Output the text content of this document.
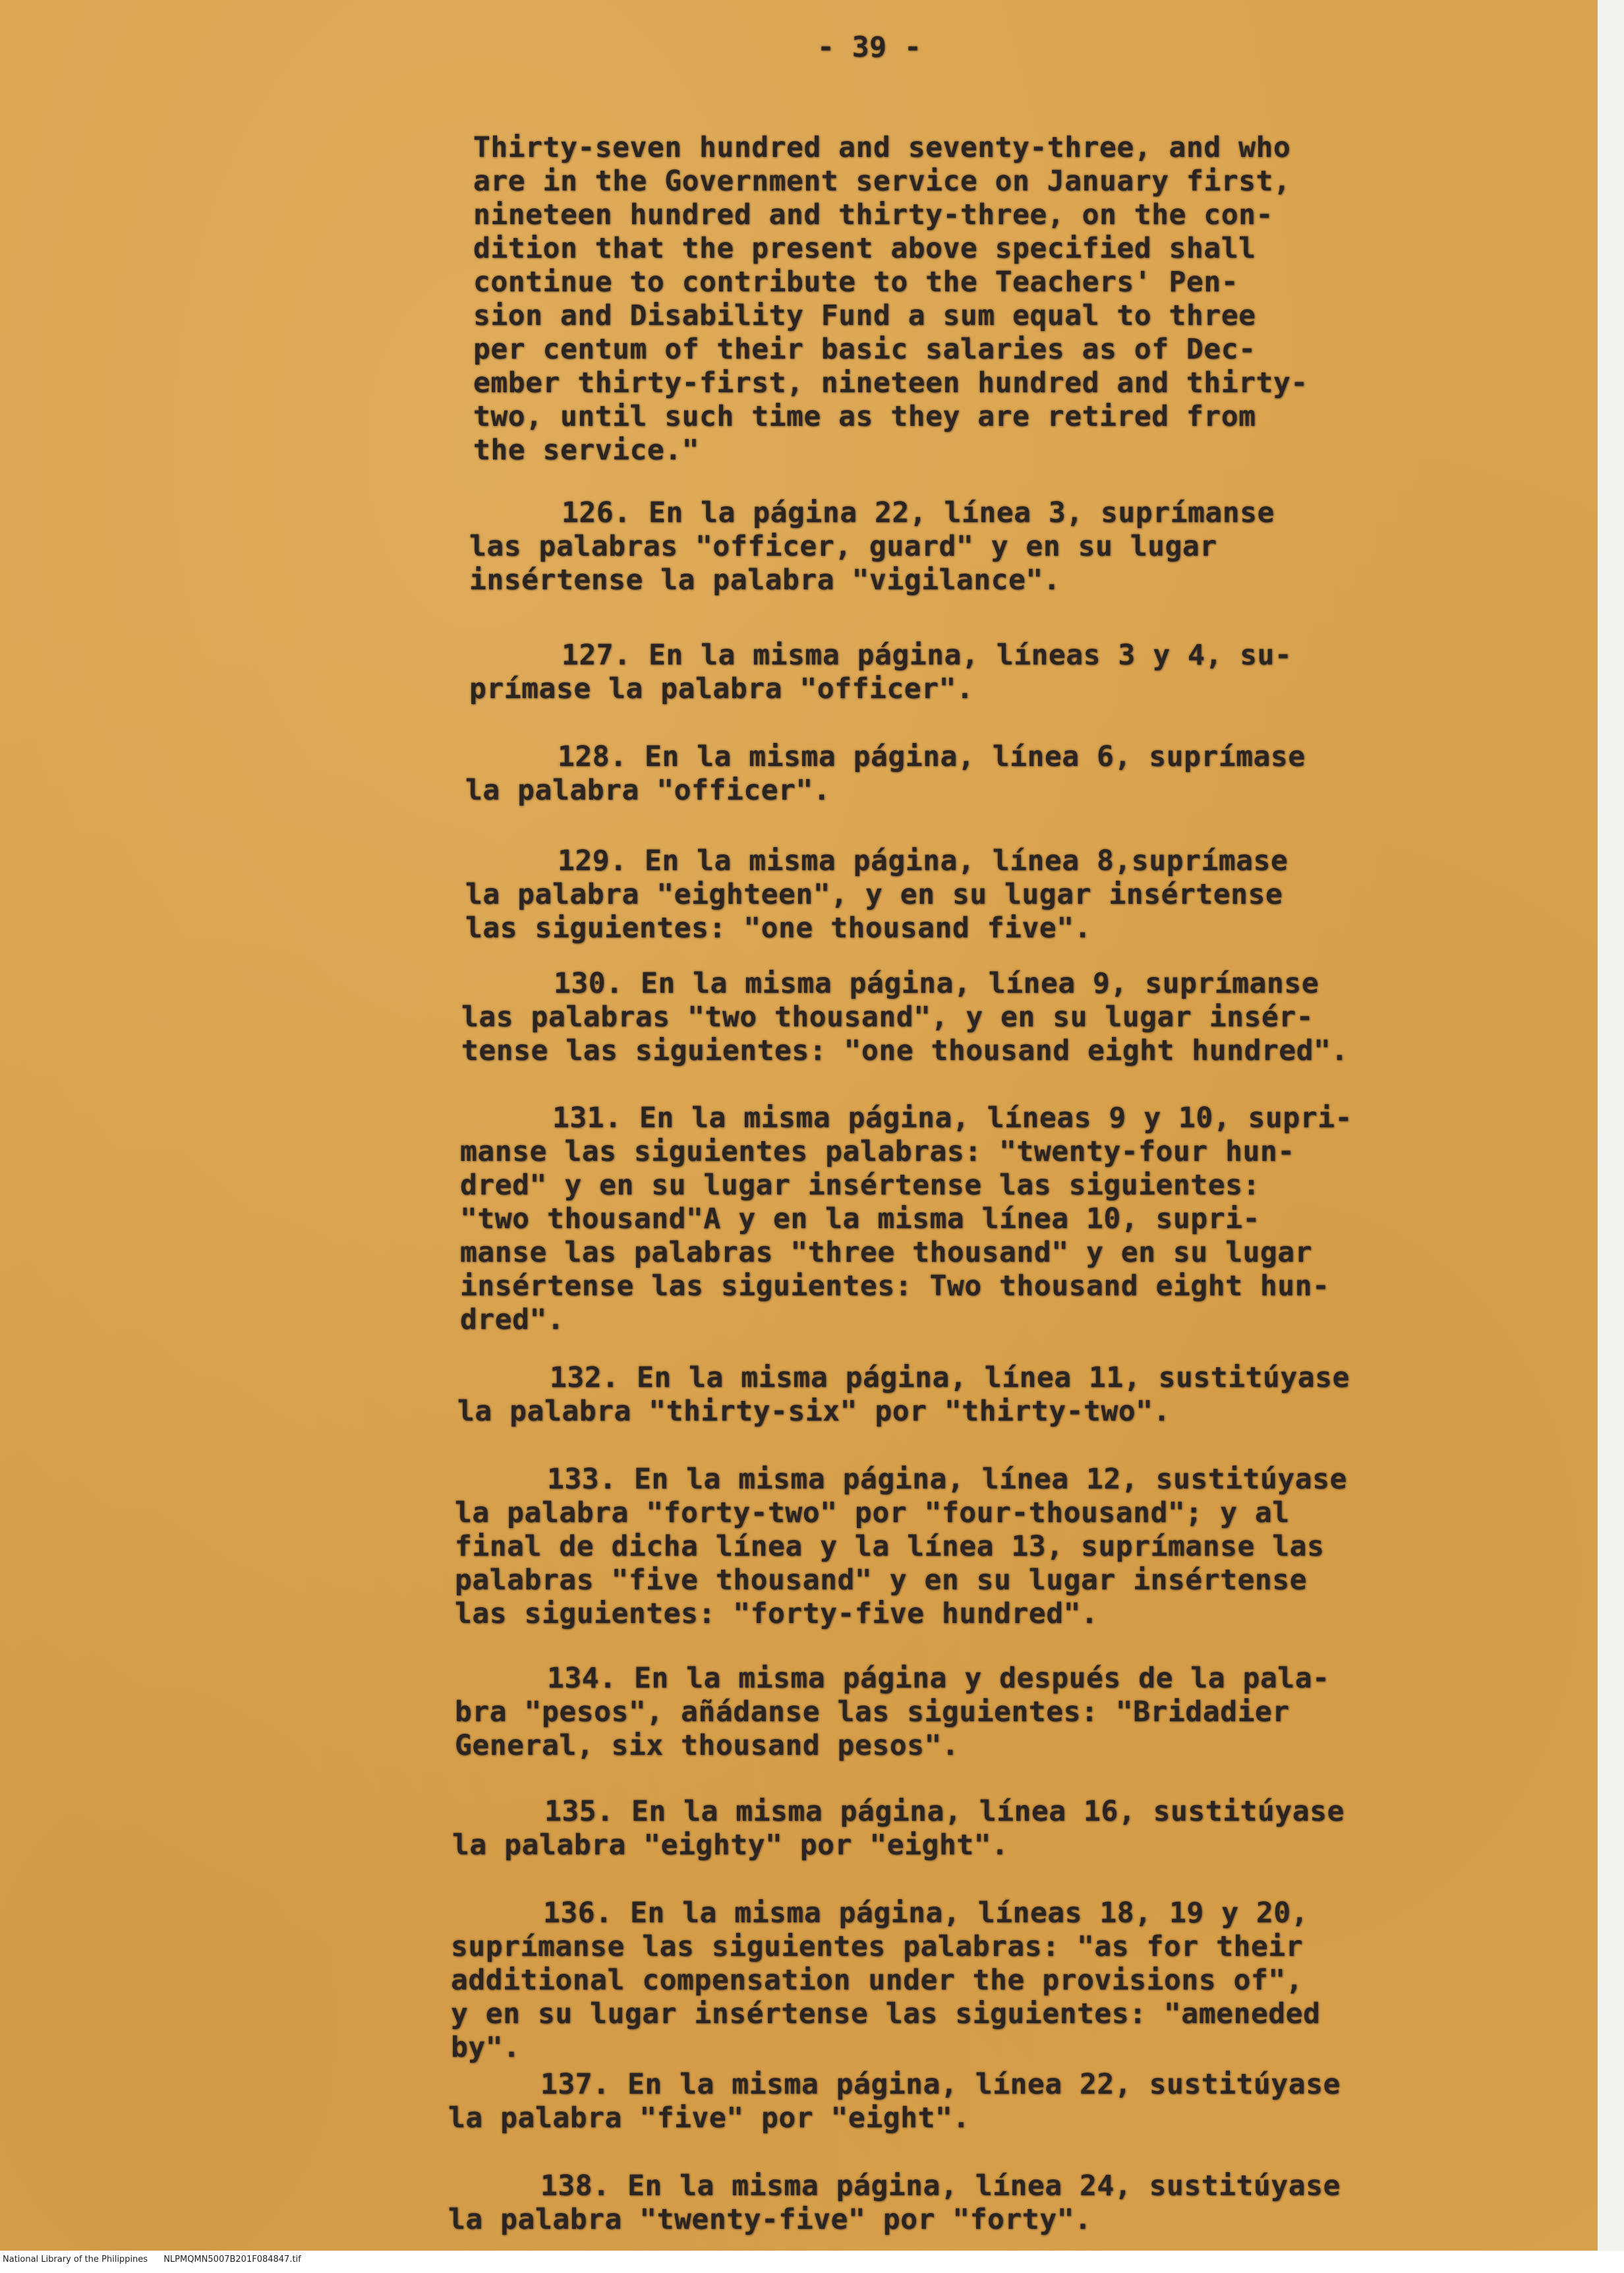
- 39 -
Thirty-seven hundred and seventy-three, and who
are in the Government service on January first,
nineteen hundred and thirty-three, on the con-
dition that the present above specified shall
continue to contribute to the Teachers' Pen-
sion and Disability Fund a sum equal to three
per centum of their basic salaries as of Dec-
ember thirty-first, nineteen hundred and thirty-
two, until such time as they are retired from
the service."
126. En la página 22, línea 3, suprímanse
las palabras "officer, guard" y en su lugar
insértense la palabra "vigilance".
127. En la misma página, líneas 3 y 4, su-
prímase la palabra "officer".
128. En la misma página, línea 6, suprímase
la palabra "officer".
129. En la misma página, línea 8,suprímase
la palabra "eighteen", y en su lugar insértense
las siguientes: "one thousand five".
130. En la misma página, línea 9, suprímanse
las palabras "two thousand", y en su lugar insér-
tense las siguientes: "one thousand eight hundred".
131. En la misma página, líneas 9 y 10, supri-
manse las siguientes palabras: "twenty-four hun-
dred" y en su lugar insértense las siguientes:
"two thousand"A y en la misma línea 10, supri-
manse las palabras "three thousand" y en su lugar
insértense las siguientes: Two thousand eight hun-
dred".
132. En la misma página, línea 11, sustitúyase
la palabra "thirty-six" por "thirty-two".
133. En la misma página, línea 12, sustitúyase
la palabra "forty-two" por "four-thousand"; y al
final de dicha línea y la línea 13, suprímanse las
palabras "five thousand" y en su lugar insértense
las siguientes: "forty-five hundred".
134. En la misma página y después de la pala-
bra "pesos", añádanse las siguientes: "Bridadier
General, six thousand pesos".
135. En la misma página, línea 16, sustitúyase
la palabra "eighty" por "eight".
136. En la misma página, líneas 18, 19 y 20,
suprímanse las siguientes palabras: "as for their
additional compensation under the provisions of",
y en su lugar insértense las siguientes: "ameneded
by".
137. En la misma página, línea 22, sustitúyase
la palabra "five" por "eight".
138. En la misma página, línea 24, sustitúyase
la palabra "twenty-five" por "forty".
National Library of the Philippines NLPMQMN5007B201F084847.tif
